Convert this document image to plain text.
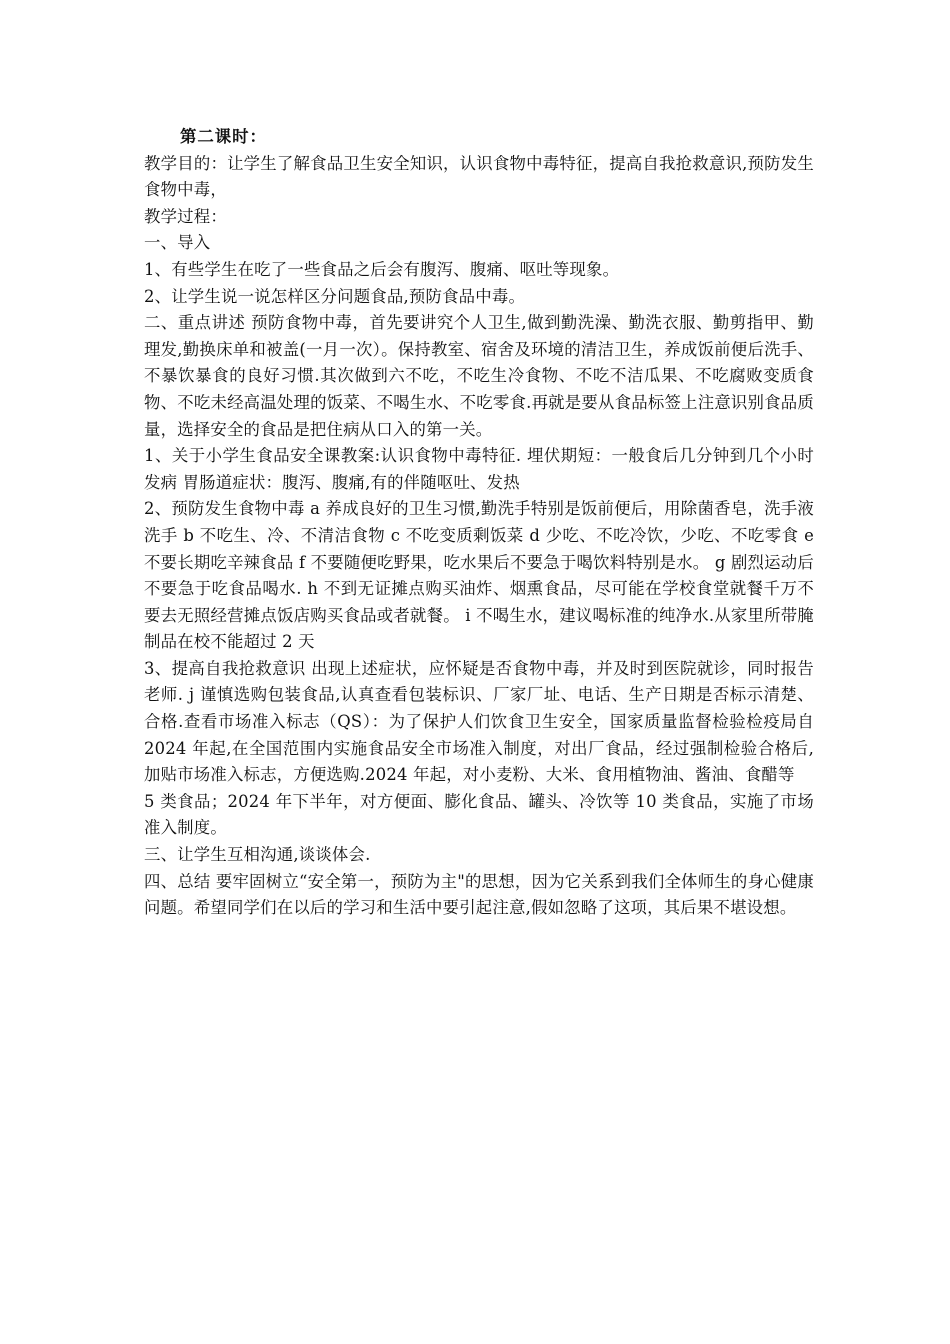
第二课时：

教学目的：让学生了解食品卫生安全知识，认识食物中毒特征，提高自我抢救意识,预防发生食物中毒，

教学过程：

一、导入

1、有些学生在吃了一些食品之后会有腹泻、腹痛、呕吐等现象。

2、让学生说一说怎样区分问题食品,预防食品中毒。

二、重点讲述 预防食物中毒，首先要讲究个人卫生,做到勤洗澡、勤洗衣服、勤剪指甲、勤理发,勤换床单和被盖(一月一次）。保持教室、宿舍及环境的清洁卫生，养成饭前便后洗手、不暴饮暴食的良好习惯.其次做到六不吃，不吃生冷食物、不吃不洁瓜果、不吃腐败变质食物、不吃未经高温处理的饭菜、不喝生水、不吃零食.再就是要从食品标签上注意识别食品质量，选择安全的食品是把住病从口入的第一关。

1、关于小学生食品安全课教案:认识食物中毒特征. 埋伏期短：一般食后几分钟到几个小时发病 胃肠道症状：腹泻、腹痛,有的伴随呕吐、发热

2、预防发生食物中毒 a 养成良好的卫生习惯,勤洗手特别是饭前便后，用除菌香皂，洗手液洗手 b 不吃生、冷、不清洁食物 c 不吃变质剩饭菜 d 少吃、不吃冷饮，少吃、不吃零食 e 不要长期吃辛辣食品 f 不要随便吃野果，吃水果后不要急于喝饮料特别是水。 g 剧烈运动后不要急于吃食品喝水. h 不到无证摊点购买油炸、烟熏食品，尽可能在学校食堂就餐千万不要去无照经营摊点饭店购买食品或者就餐。 i 不喝生水，建议喝标准的纯净水.从家里所带腌制品在校不能超过 2 天

3、提高自我抢救意识 出现上述症状，应怀疑是否食物中毒，并及时到医院就诊，同时报告老师. j 谨慎选购包装食品,认真查看包装标识、厂家厂址、电话、生产日期是否标示清楚、合格.查看市场准入标志（QS）：为了保护人们饮食卫生安全，国家质量监督检验检疫局自 2024 年起,在全国范围内实施食品安全市场准入制度，对出厂食品，经过强制检验合格后,加贴市场准入标志，方便选购.2024 年起，对小麦粉、大米、食用植物油、酱油、食醋等

5 类食品；2024 年下半年，对方便面、膨化食品、罐头、冷饮等 10 类食品，实施了市场准入制度。

三、让学生互相沟通,谈谈体会.

四、总结 要牢固树立“安全第一，预防为主"的思想，因为它关系到我们全体师生的身心健康问题。希望同学们在以后的学习和生活中要引起注意,假如忽略了这项，其后果不堪设想。
